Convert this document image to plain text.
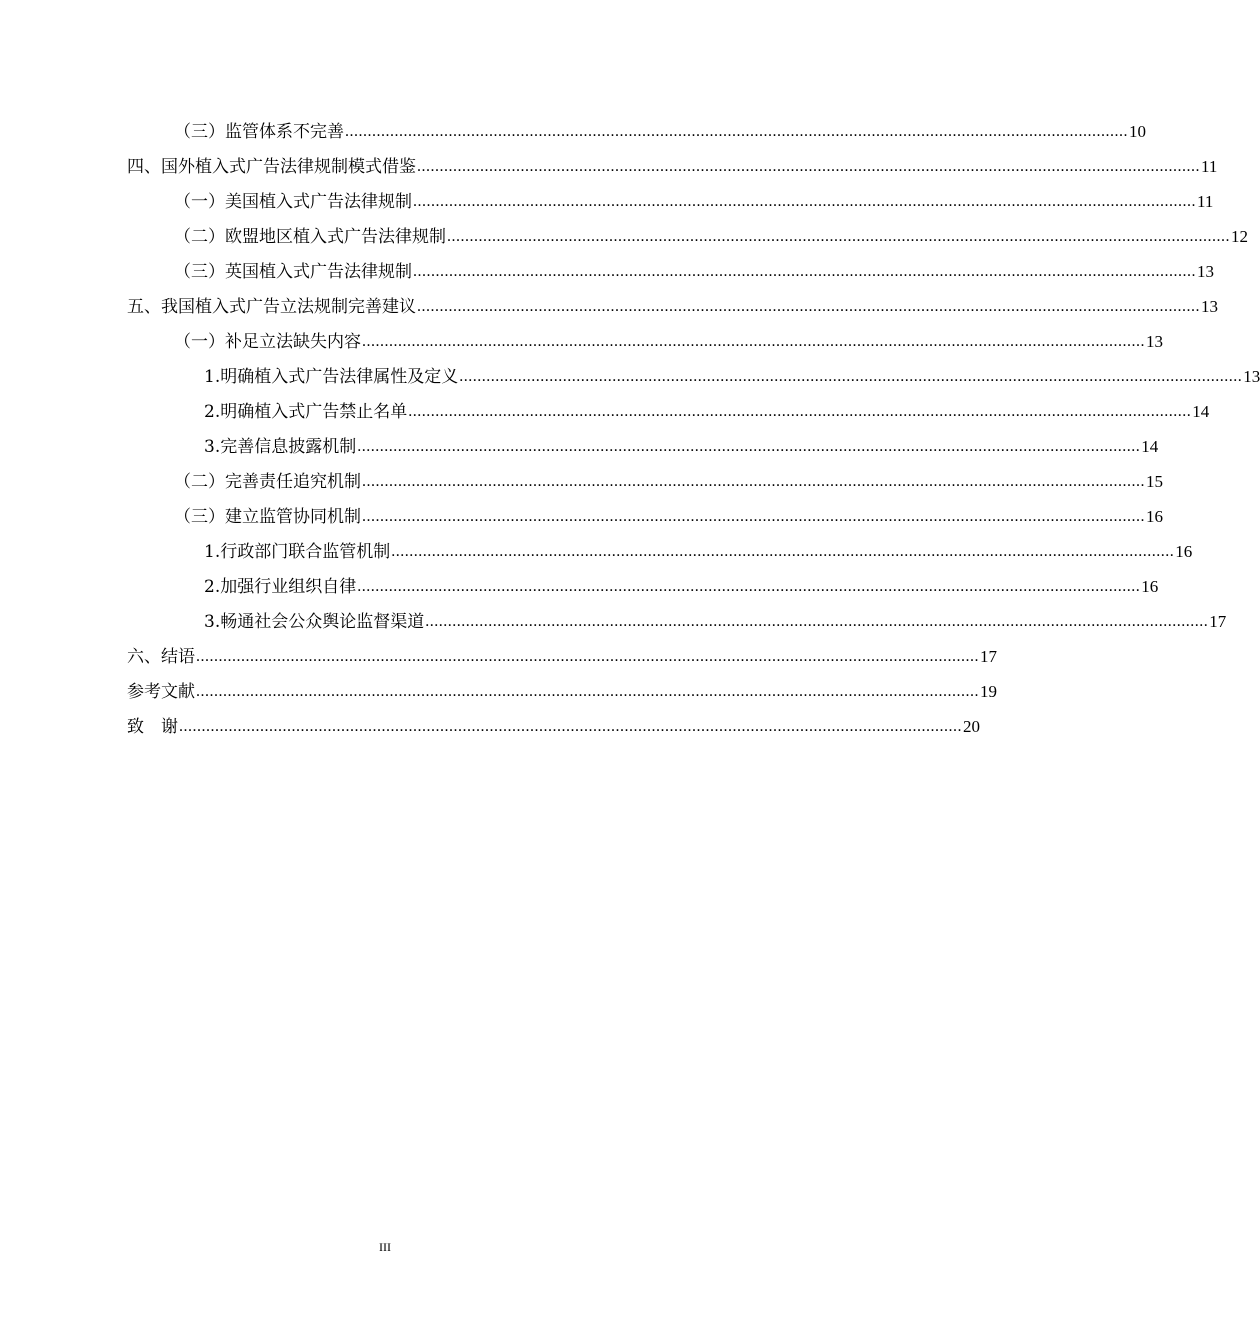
（三） 监管体系不完善 .............................................................................................................................................................................. 10
四、 国外植入式广告法律规制模式借鉴 .............................................................................................................................................................................. 11
（一） 美国植入式广告法律规制 .............................................................................................................................................................................. 11
（二） 欧盟地区植入式广告法律规制 .............................................................................................................................................................................. 12
（三） 英国植入式广告法律规制 .............................................................................................................................................................................. 13
五、 我国植入式广告立法规制完善建议 .............................................................................................................................................................................. 13
（一） 补足立法缺失内容 .............................................................................................................................................................................. 13
1. 明确植入式广告法律属性及定义 .............................................................................................................................................................................. 13
2. 明确植入式广告禁止名单 .............................................................................................................................................................................. 14
3. 完善信息披露机制 .............................................................................................................................................................................. 14
（二） 完善责任追究机制 .............................................................................................................................................................................. 15
（三） 建立监管协同机制 .............................................................................................................................................................................. 16
1. 行政部门联合监管机制 .............................................................................................................................................................................. 16
2. 加强行业组织自律 .............................................................................................................................................................................. 16
3. 畅通社会公众舆论监督渠道 .............................................................................................................................................................................. 17
六、 结语 .............................................................................................................................................................................. 17
参考文献 .............................................................................................................................................................................. 19
致　谢 .............................................................................................................................................................................. 20
III
